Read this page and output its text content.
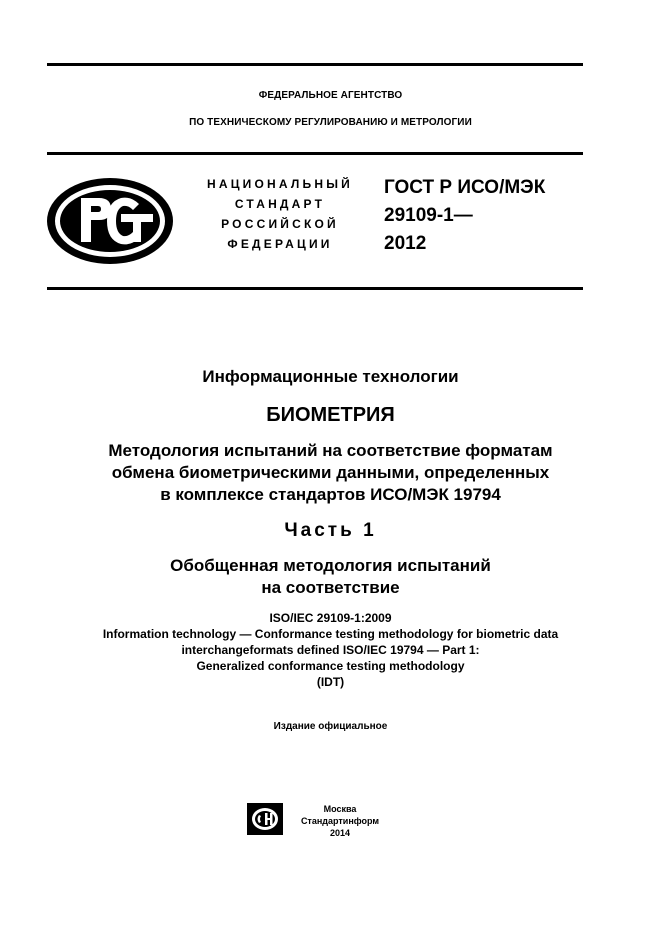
ФЕДЕРАЛЬНОЕ АГЕНТСТВО
ПО ТЕХНИЧЕСКОМУ РЕГУЛИРОВАНИЮ И МЕТРОЛОГИИ
НАЦИОНАЛЬНЫЙ
СТАНДАРТ
РОССИЙСКОЙ
ФЕДЕРАЦИИ
ГОСТ Р ИСО/МЭК
29109-1—
2012
Информационные технологии
БИОМЕТРИЯ
Методология испытаний на соответствие форматам
обмена биометрическими данными, определенных
в комплексе стандартов ИСО/МЭК 19794
Часть 1
Обобщенная методология испытаний
на соответствие
ISO/IEC 29109-1:2009
Information technology — Conformance testing methodology for biometric data
interchangeformats defined ISO/IEC 19794 — Part 1:
Generalized conformance testing methodology
(IDT)
Издание официальное
Москва
Стандартинформ
2014
